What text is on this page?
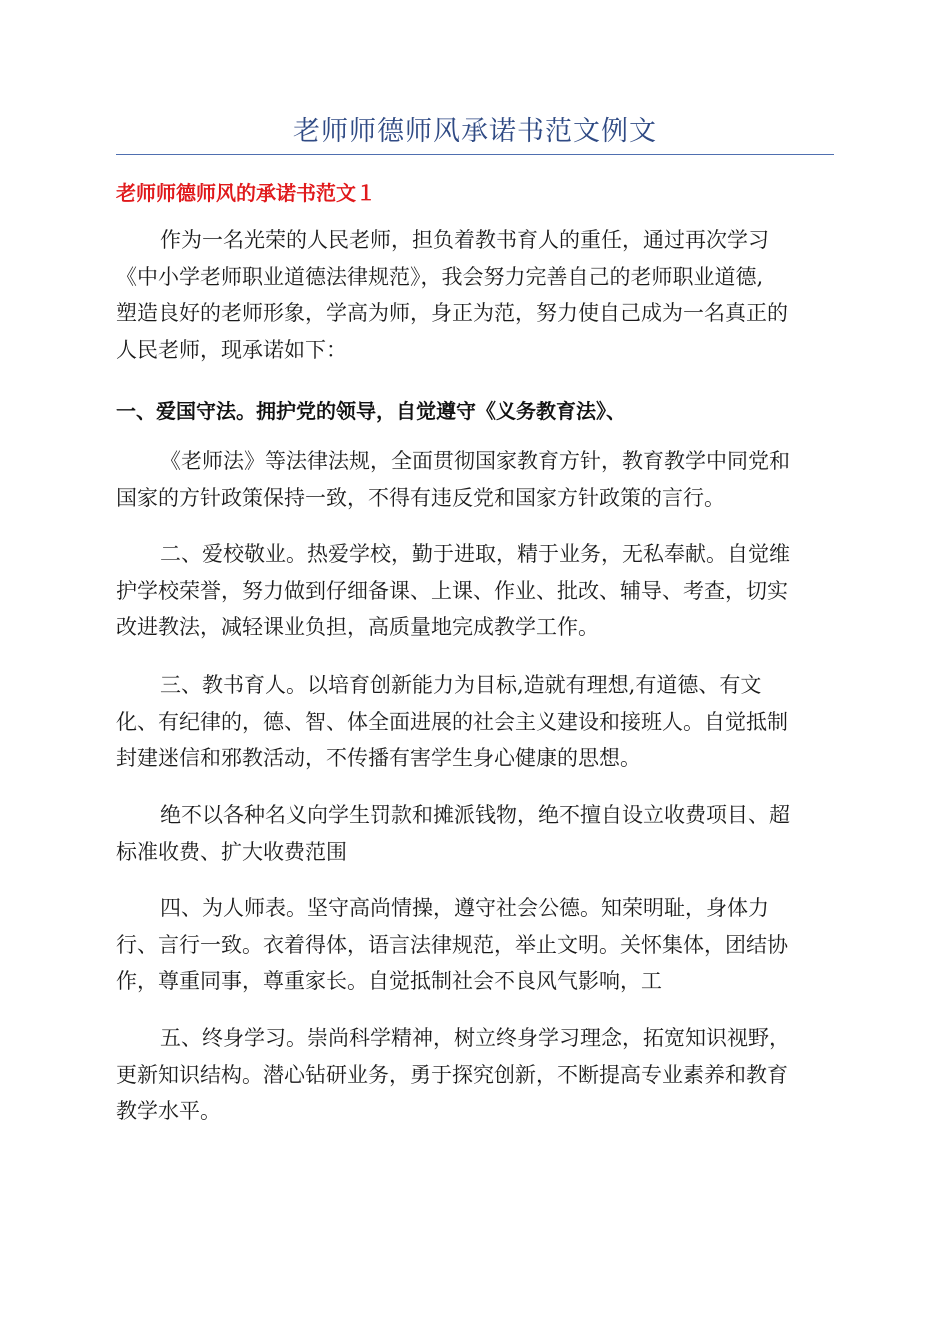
老师师德师风承诺书范文例文
老师师德师风的承诺书范文１

作为一名光荣的人民老师，担负着教书育人的重任，通过再次学习
《中小学老师职业道德法律规范》，我会努力完善自己的老师职业道德,
塑造良好的老师形象，学高为师，身正为范，努力使自己成为一名真正的
人民老师，现承诺如下：

一、爱国守法。拥护党的领导，自觉遵守《义务教育法》、

《老师法》等法律法规，全面贯彻国家教育方针，教育教学中同党和
国家的方针政策保持一致，不得有违反党和国家方针政策的言行。

二、爱校敬业。热爱学校，勤于进取，精于业务，无私奉献。自觉维
护学校荣誉，努力做到仔细备课、上课、作业、批改、辅导、考查，切实
改进教法，减轻课业负担，高质量地完成教学工作。

三、教书育人。以培育创新能力为目标,造就有理想,有道德、有文
化、有纪律的，德、智、体全面进展的社会主义建设和接班人。自觉抵制
封建迷信和邪教活动，不传播有害学生身心健康的思想。

绝不以各种名义向学生罚款和摊派钱物，绝不擅自设立收费项目、超
标准收费、扩大收费范围

四、为人师表。坚守高尚情操，遵守社会公德。知荣明耻，身体力
行、言行一致。衣着得体，语言法律规范，举止文明。关怀集体，团结协
作，尊重同事，尊重家长。自觉抵制社会不良风气影响，工

五、终身学习。崇尚科学精神，树立终身学习理念，拓宽知识视野，
更新知识结构。潜心钻研业务，勇于探究创新，不断提高专业素养和教育
教学水平。
